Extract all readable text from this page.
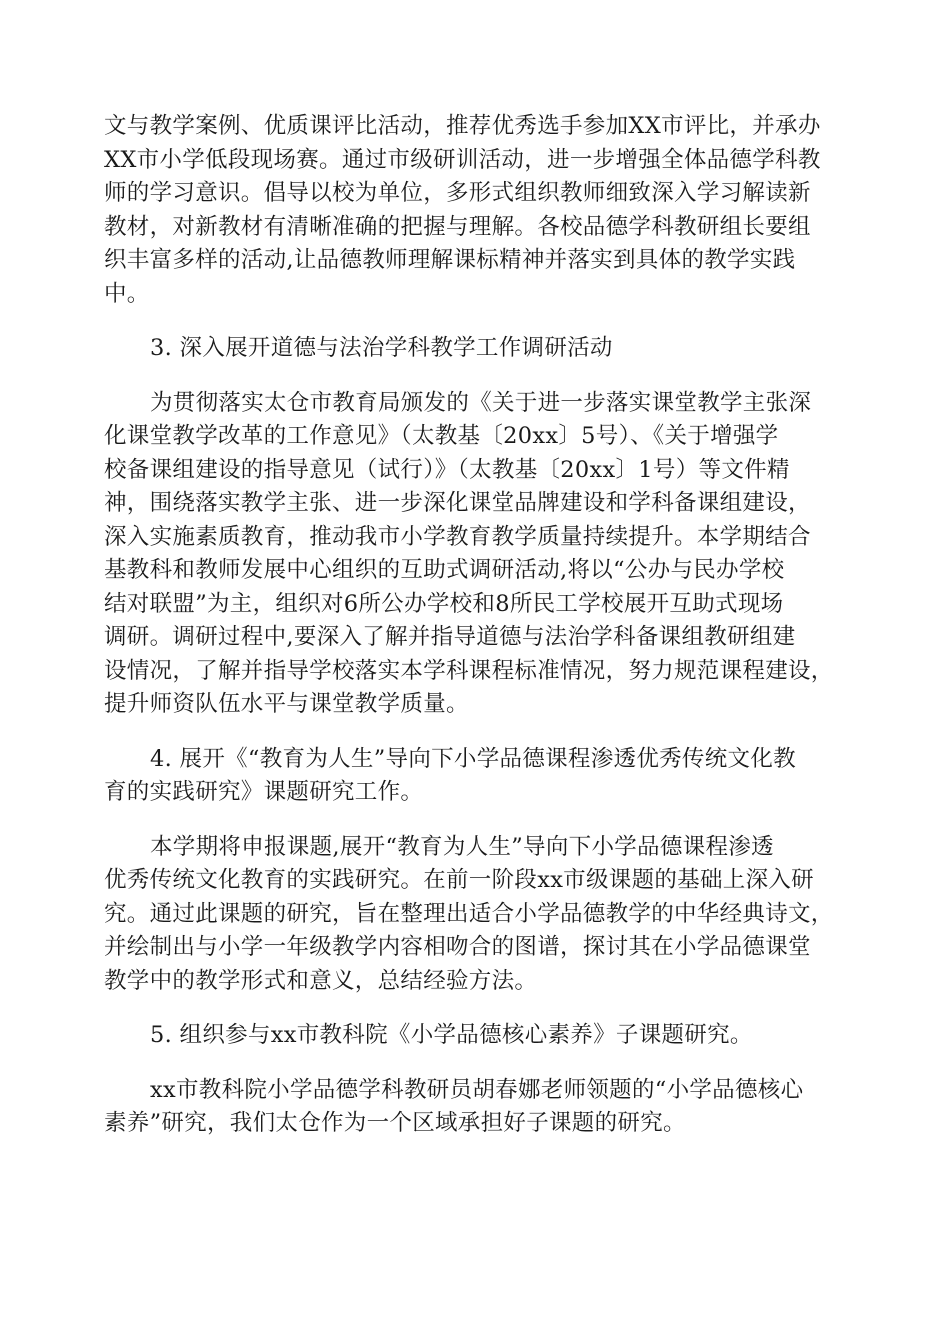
文与教学案例、优质课评比活动，推荐优秀选手参加XX市评比，并承办
XX市小学低段现场赛。通过市级研训活动，进一步增强全体品德学科教
师的学习意识。倡导以校为单位，多形式组织教师细致深入学习解读新
教材，对新教材有清晰准确的把握与理解。各校品德学科教研组长要组
织丰富多样的活动,让品德教师理解课标精神并落实到具体的教学实践
中。

3. 深入展开道德与法治学科教学工作调研活动

为贯彻落实太仓市教育局颁发的《关于进一步落实课堂教学主张深
化课堂教学改革的工作意见》（太教基〔20xx〕5号）、《关于增强学
校备课组建设的指导意见（试行）》（太教基〔20xx〕1号）等文件精
神，围绕落实教学主张、进一步深化课堂品牌建设和学科备课组建设，
深入实施素质教育，推动我市小学教育教学质量持续提升。本学期结合
基教科和教师发展中心组织的互助式调研活动,将以“公办与民办学校
结对联盟”为主，组织对6所公办学校和8所民工学校展开互助式现场
调研。调研过程中,要深入了解并指导道德与法治学科备课组教研组建
设情况，了解并指导学校落实本学科课程标准情况，努力规范课程建设，
提升师资队伍水平与课堂教学质量。

4. 展开《“教育为人生”导向下小学品德课程渗透优秀传统文化教
育的实践研究》课题研究工作。

本学期将申报课题,展开“教育为人生”导向下小学品德课程渗透
优秀传统文化教育的实践研究。在前一阶段xx市级课题的基础上深入研
究。通过此课题的研究，旨在整理出适合小学品德教学的中华经典诗文，
并绘制出与小学一年级教学内容相吻合的图谱，探讨其在小学品德课堂
教学中的教学形式和意义，总结经验方法。

5. 组织参与xx市教科院《小学品德核心素养》子课题研究。

xx市教科院小学品德学科教研员胡春娜老师领题的“小学品德核心
素养”研究，我们太仓作为一个区域承担好子课题的研究。
